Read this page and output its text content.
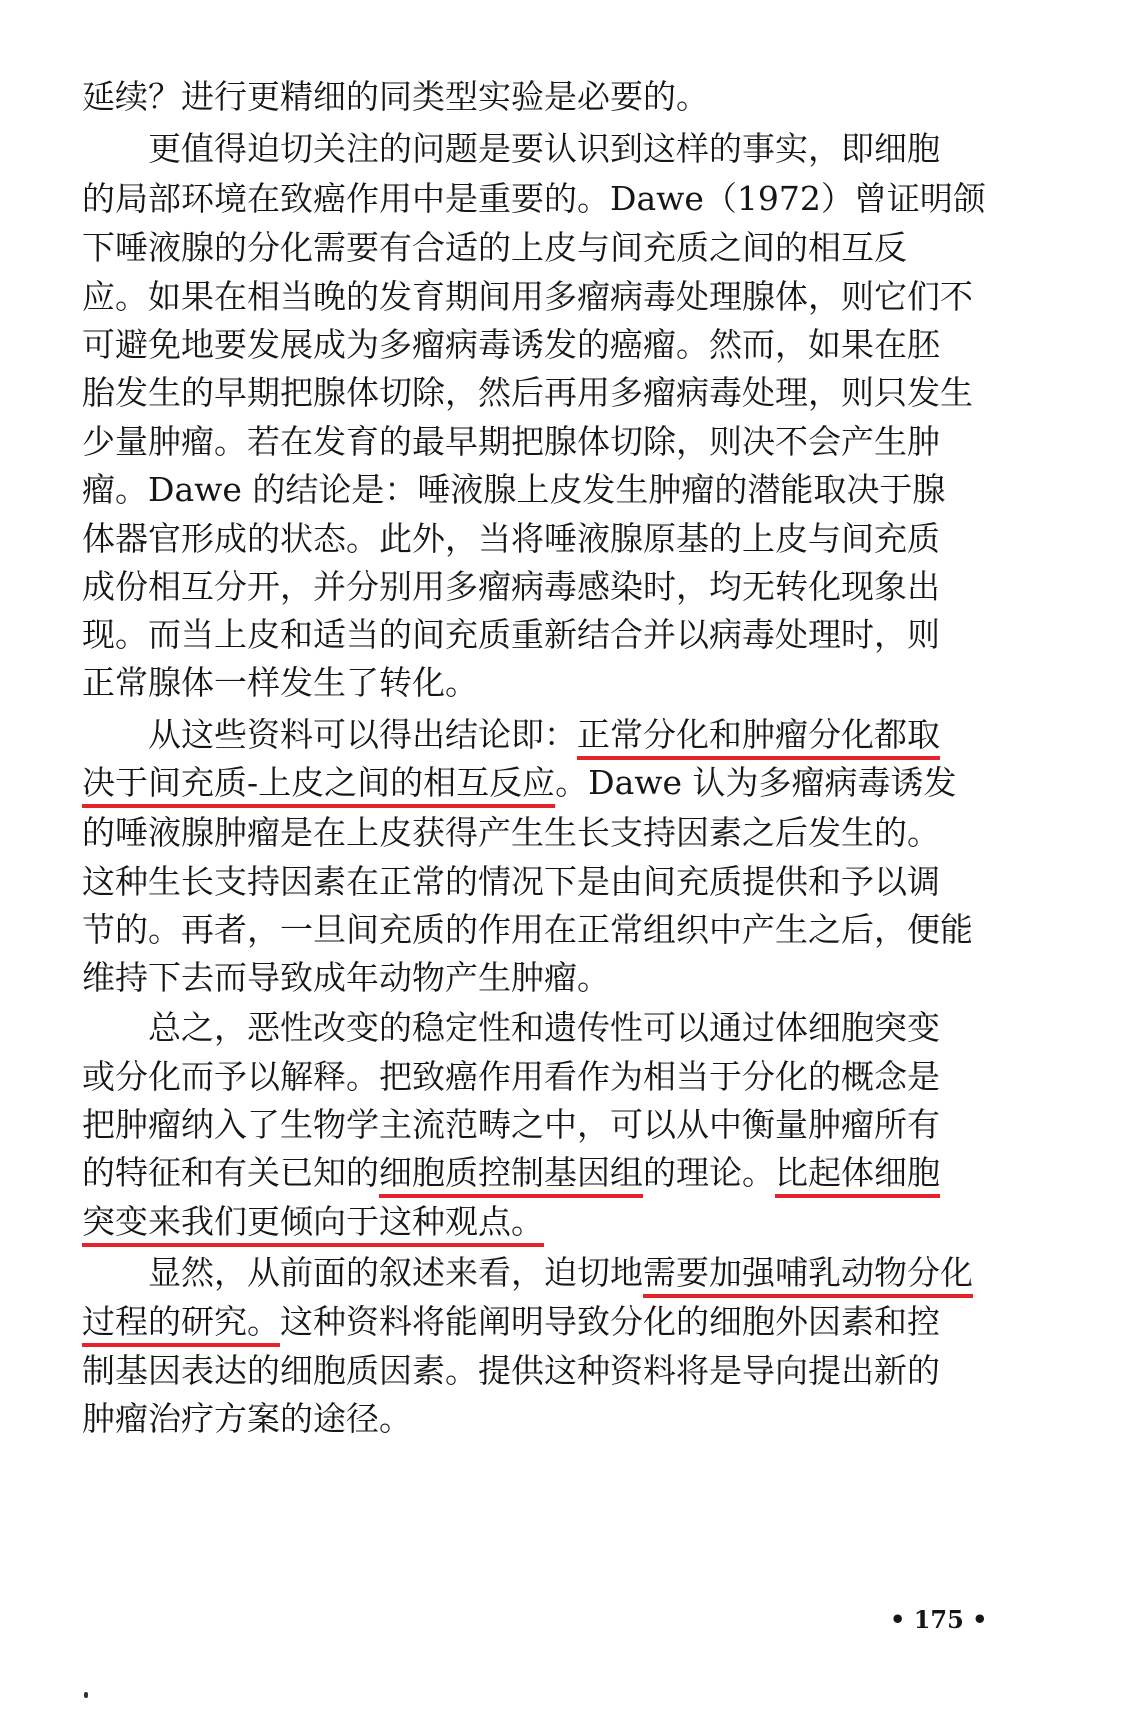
延续？进行更精细的同类型实验是必要的。
更值得迫切关注的问题是要认识到这样的事实，即细胞
的局部环境在致癌作用中是重要的。Dawe（1972）曾证明颌
下唾液腺的分化需要有合适的上皮与间充质之间的相互反
应。如果在相当晚的发育期间用多瘤病毒处理腺体，则它们不
可避免地要发展成为多瘤病毒诱发的癌瘤。然而，如果在胚
胎发生的早期把腺体切除，然后再用多瘤病毒处理，则只发生
少量肿瘤。若在发育的最早期把腺体切除，则决不会产生肿
瘤。Dawe 的结论是：唾液腺上皮发生肿瘤的潜能取决于腺
体器官形成的状态。此外，当将唾液腺原基的上皮与间充质
成份相互分开，并分别用多瘤病毒感染时，均无转化现象出
现。而当上皮和适当的间充质重新结合并以病毒处理时，则
正常腺体一样发生了转化。
从这些资料可以得出结论即：正常分化和肿瘤分化都取
决于间充质-上皮之间的相互反应。Dawe 认为多瘤病毒诱发
的唾液腺肿瘤是在上皮获得产生生长支持因素之后发生的。
这种生长支持因素在正常的情况下是由间充质提供和予以调
节的。再者，一旦间充质的作用在正常组织中产生之后，便能
维持下去而导致成年动物产生肿瘤。
总之，恶性改变的稳定性和遗传性可以通过体细胞突变
或分化而予以解释。把致癌作用看作为相当于分化的概念是
把肿瘤纳入了生物学主流范畴之中，可以从中衡量肿瘤所有
的特征和有关已知的细胞质控制基因组的理论。比起体细胞
突变来我们更倾向于这种观点。
显然，从前面的叙述来看，迫切地需要加强哺乳动物分化
过程的研究。这种资料将能阐明导致分化的细胞外因素和控
制基因表达的细胞质因素。提供这种资料将是导向提出新的
肿瘤治疗方案的途径。
• 175 •
